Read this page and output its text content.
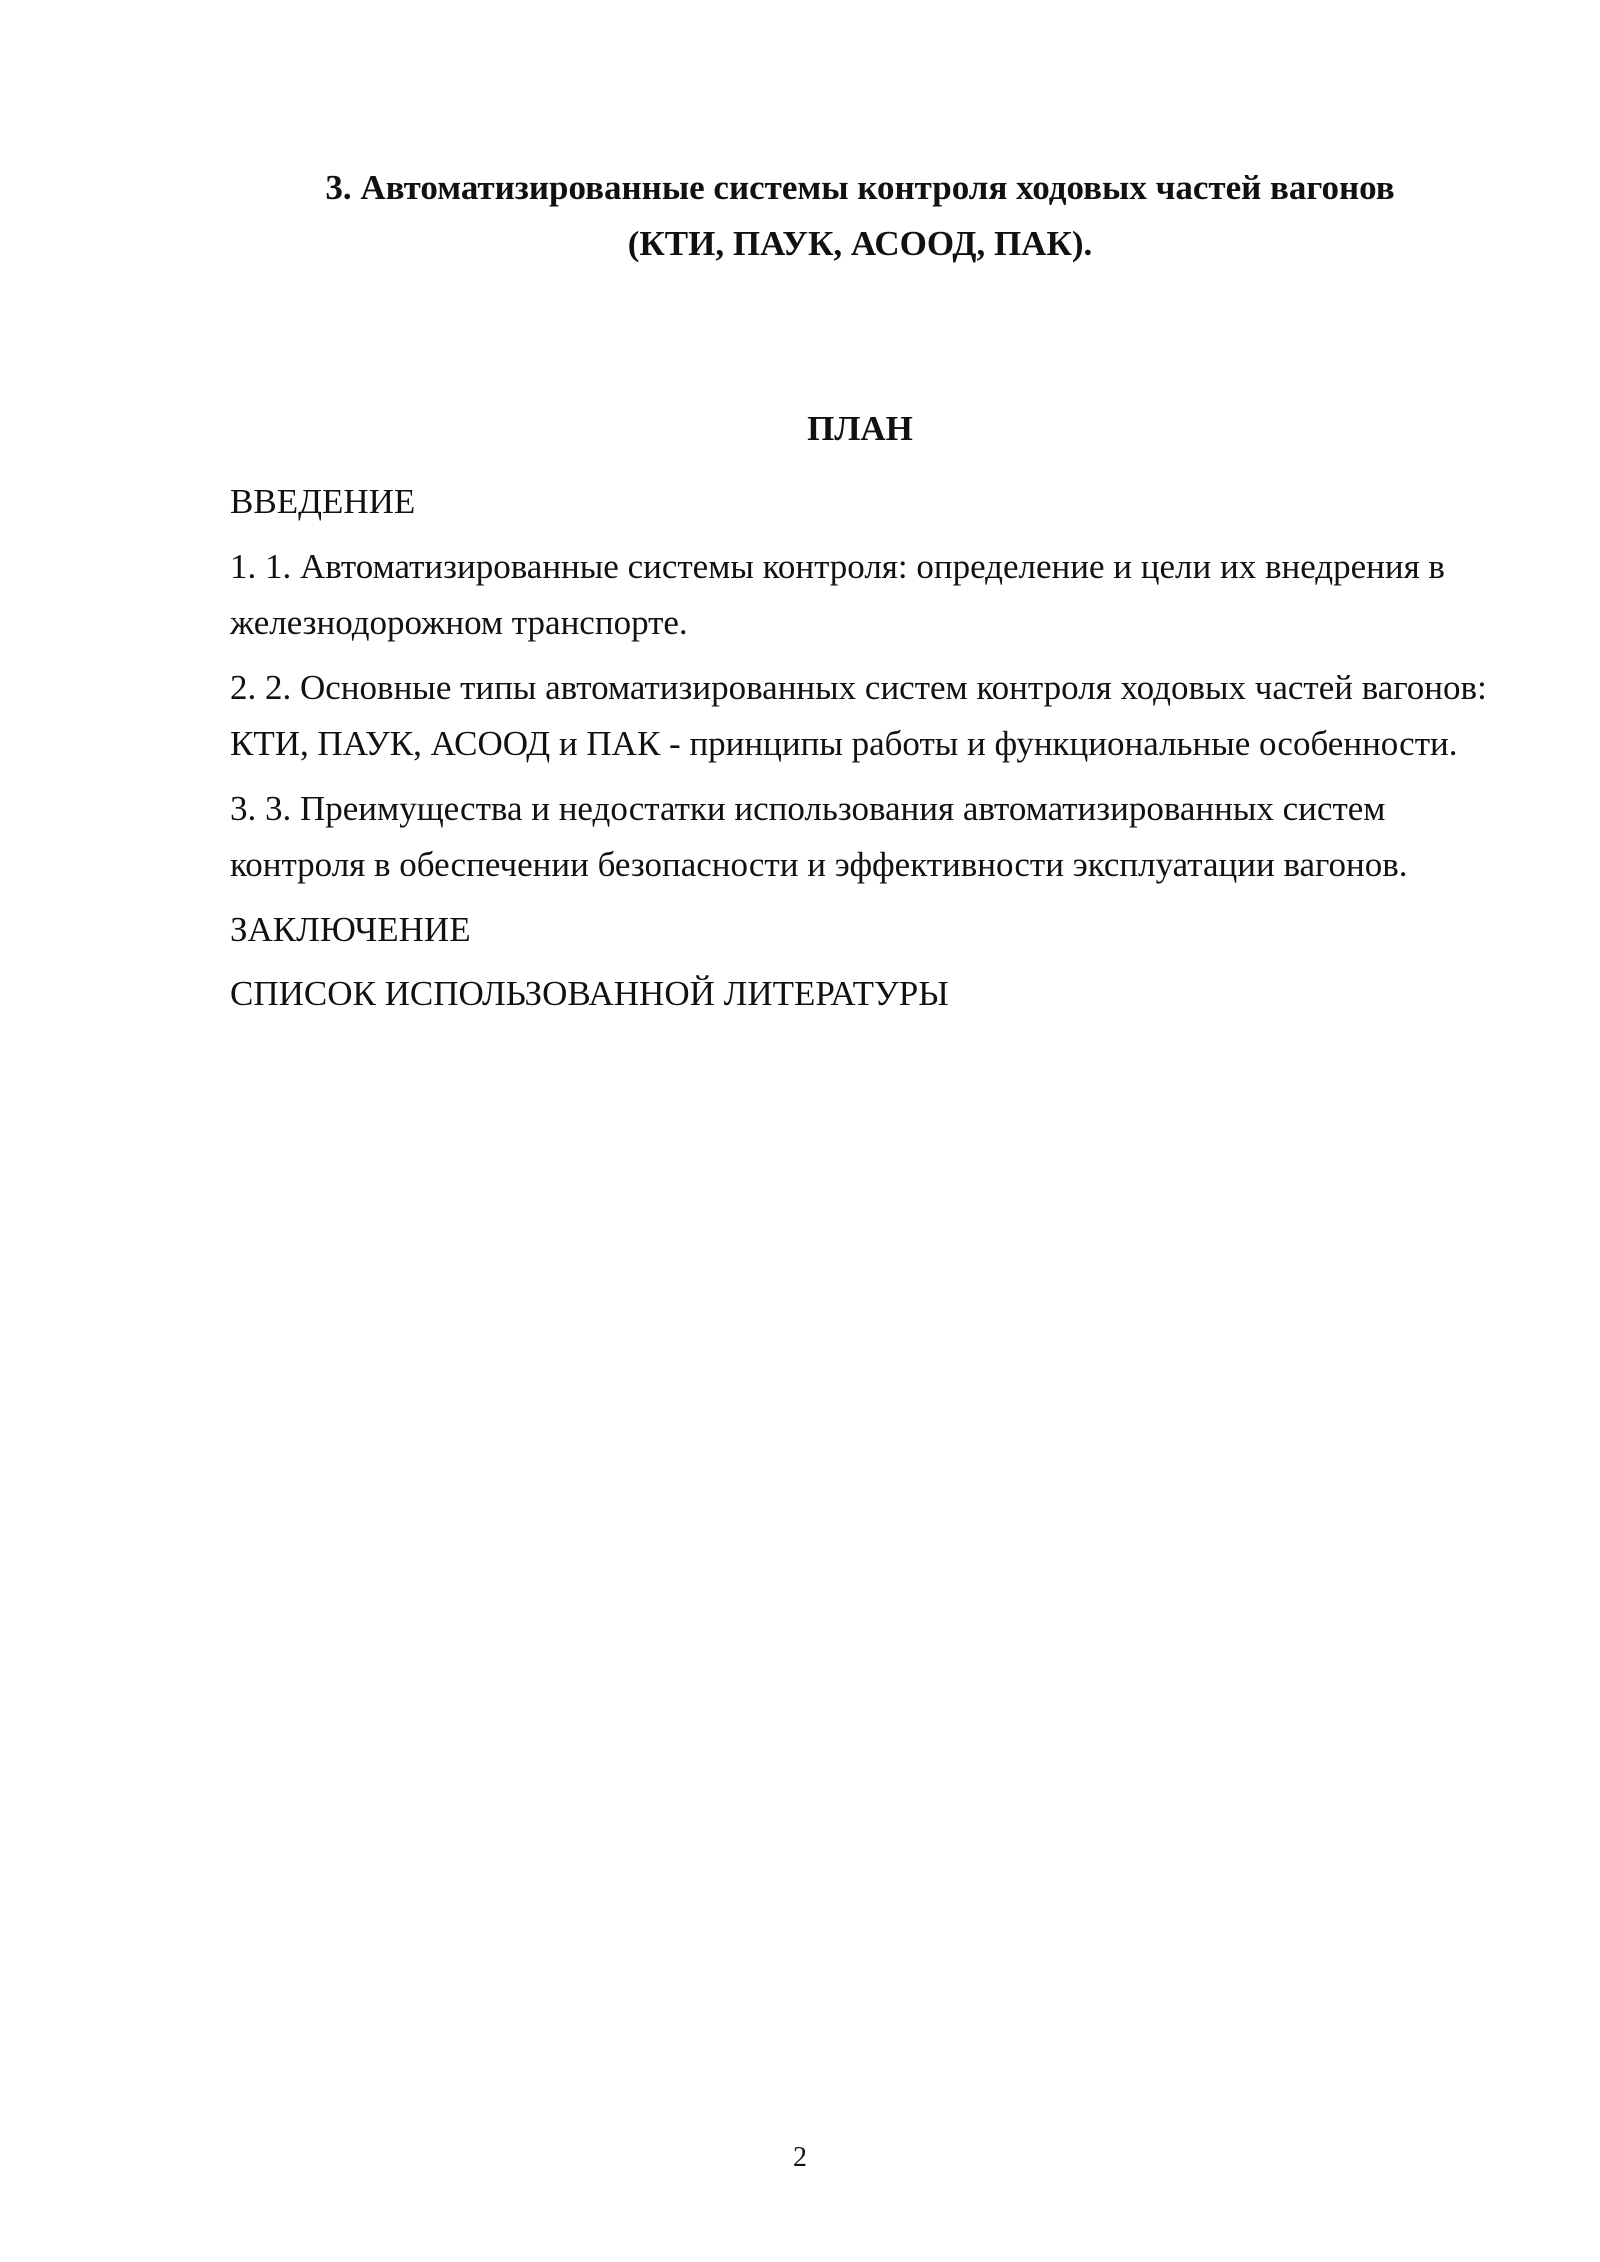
3. Автоматизированные системы контроля ходовых частей вагонов
(КТИ, ПАУК, АСООД, ПАК).
ПЛАН

ВВЕДЕНИЕ

1. 1. Автоматизированные системы контроля: определение и цели их внедрения в железнодорожном транспорте.

2. 2. Основные типы автоматизированных систем контроля ходовых частей вагонов: КТИ, ПАУК, АСООД и ПАК - принципы работы и функциональные особенности.

3. 3. Преимущества и недостатки использования автоматизированных систем контроля в обеспечении безопасности и эффективности эксплуатации вагонов.

ЗАКЛЮЧЕНИЕ

СПИСОК ИСПОЛЬЗОВАННОЙ ЛИТЕРАТУРЫ

2
